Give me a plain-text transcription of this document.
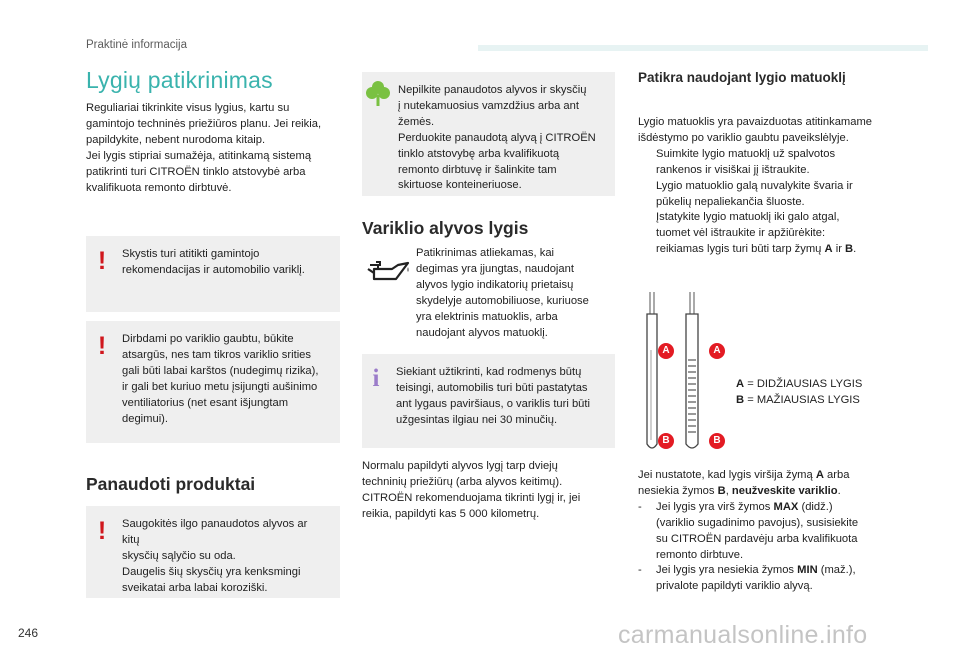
Praktinė informacija
Lygių patikrinimas
Reguliariai tikrinkite visus lygius, kartu su
gamintojo techninės priežiūros planu. Jei reikia,
papildykite, nebent nurodoma kitaip.
Jei lygis stipriai sumažėja, atitinkamą sistemą
patikrinti turi CITROËN tinklo atstovybė arba
kvalifikuota remonto dirbtuvė.
! Skystis turi atitikti gamintojo
rekomendacijas ir automobilio variklį.
! Dirbdami po variklio gaubtu, būkite
atsargūs, nes tam tikros variklio srities
gali būti labai karštos (nudegimų rizika),
ir gali bet kuriuo metu įsijungti aušinimo
ventiliatorius (net esant išjungtam
degimui).
Panaudoti produktai
! Saugokitės ilgo panaudotos alyvos ar kitų
skysčių sąlyčio su oda.
Daugelis šių skysčių yra kenksmingi
sveikatai arba labai koroziški.
Nepilkite panaudotos alyvos ir skysčių
į nutekamuosius vamzdžius arba ant
žemės.
Perduokite panaudotą alyvą į CITROËN
tinklo atstovybę arba kvalifikuotą
remonto dirbtuvę ir šalinkite tam
skirtuose konteineriuose.
Variklio alyvos lygis
Patikrinimas atliekamas, kai
degimas yra įjungtas, naudojant
alyvos lygio indikatorių prietaisų
skydelyje automobiliuose, kuriuose
yra elektrinis matuoklis, arba
naudojant alyvos matuoklį.
i Siekiant užtikrinti, kad rodmenys būtų
teisingi, automobilis turi būti pastatytas
ant lygaus paviršiaus, o variklis turi būti
užgesintas ilgiau nei 30 minučių.
Normalu papildyti alyvos lygį tarp dviejų
techninių priežiūrų (arba alyvos keitimų).
CITROËN rekomenduojama tikrinti lygį ir, jei
reikia, papildyti kas 5 000 kilometrų.
Patikra naudojant lygio matuoklį
Lygio matuoklis yra pavaizduotas atitinkamame
išdėstymo po variklio gaubtu paveikslėlyje.
Suimkite lygio matuoklį už spalvotos
rankenos ir visiškai jį ištraukite.
Lygio matuoklio galą nuvalykite švaria ir
pūkelių nepaliekančia šluoste.
Įstatykite lygio matuoklį iki galo atgal,
tuomet vėl ištraukite ir apžiūrėkite:
reikiamas lygis turi būti tarp žymų A ir B.
A	A
B	B
A = DIDŽIAUSIAS LYGIS
B = MAŽIAUSIAS LYGIS
Jei nustatote, kad lygis viršija žymą A arba
nesiekia žymos B, neužveskite variklio.
-	Jei lygis yra virš žymos MAX (didž.)
(variklio sugadinimo pavojus), susisiekite
su CITROËN pardavėju arba kvalifikuota
remonto dirbtuve.
-	Jei lygis yra nesiekia žymos MIN (maž.),
privalote papildyti variklio alyvą.
246	carmanualsonline.info
